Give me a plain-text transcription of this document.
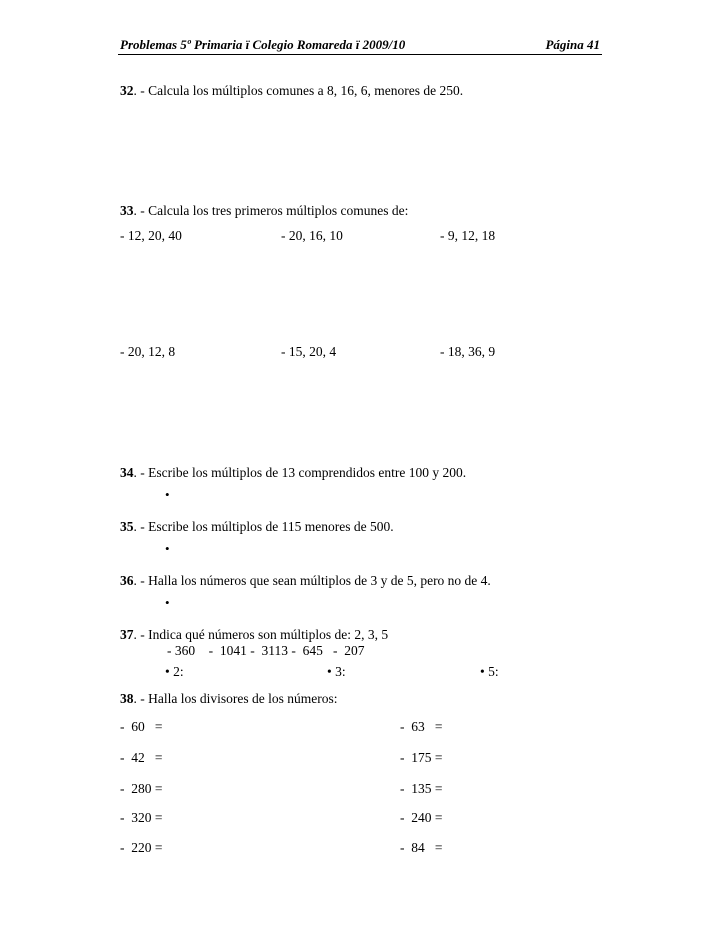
Problemas 5º Primaria ï Colegio Romareda ï 2009/10	Página 41
32. - Calcula los múltiplos comunes a 8, 16, 6, menores de 250.
33. - Calcula los tres primeros múltiplos comunes de:
- 12, 20, 40	- 20, 16, 10	- 9, 12, 18
- 20, 12, 8	- 15, 20, 4	- 18, 36, 9
34. - Escribe los múltiplos de 13 comprendidos entre 100 y 200.
•
35. - Escribe los múltiplos de 115 menores de 500.
•
36. - Halla los números que sean múltiplos de 3 y de 5, pero no de 4.
•
37. - Indica qué números son múltiplos de: 2, 3, 5
- 360    -  1041 -  3113 -  645   -  207
• 2:	• 3:	• 5:
38. - Halla los divisores de los números:
-  60   =	-  63   =
-  42   =	-  175 =
-  280 =	-  135 =
-  320 =	-  240 =
-  220 =	-  84   =
